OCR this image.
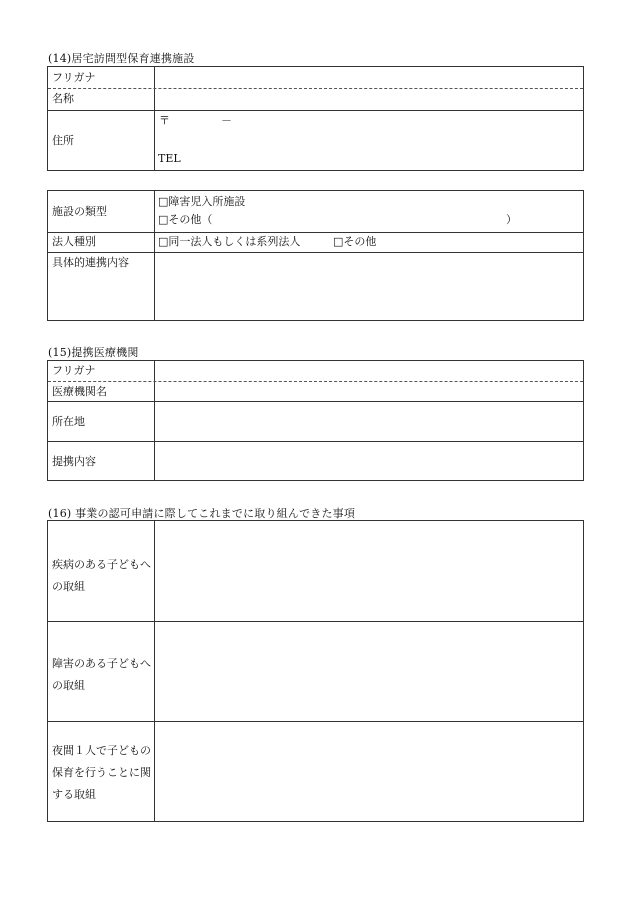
(14)居宅訪問型保育連携施設
フリガナ
名称
住所
〒	－
TEL
施設の類型
□障害児入所施設
□その他（	）
法人種別	□同一法人もしくは系列法人	□その他
具体的連携内容
(15)提携医療機関
フリガナ
医療機関名
所在地
提携内容
(16) 事業の認可申請に際してこれまでに取り組んできた事項
疾病のある子どもへの取組
障害のある子どもへの取組
夜間１人で子どもの保育を行うことに関する取組
